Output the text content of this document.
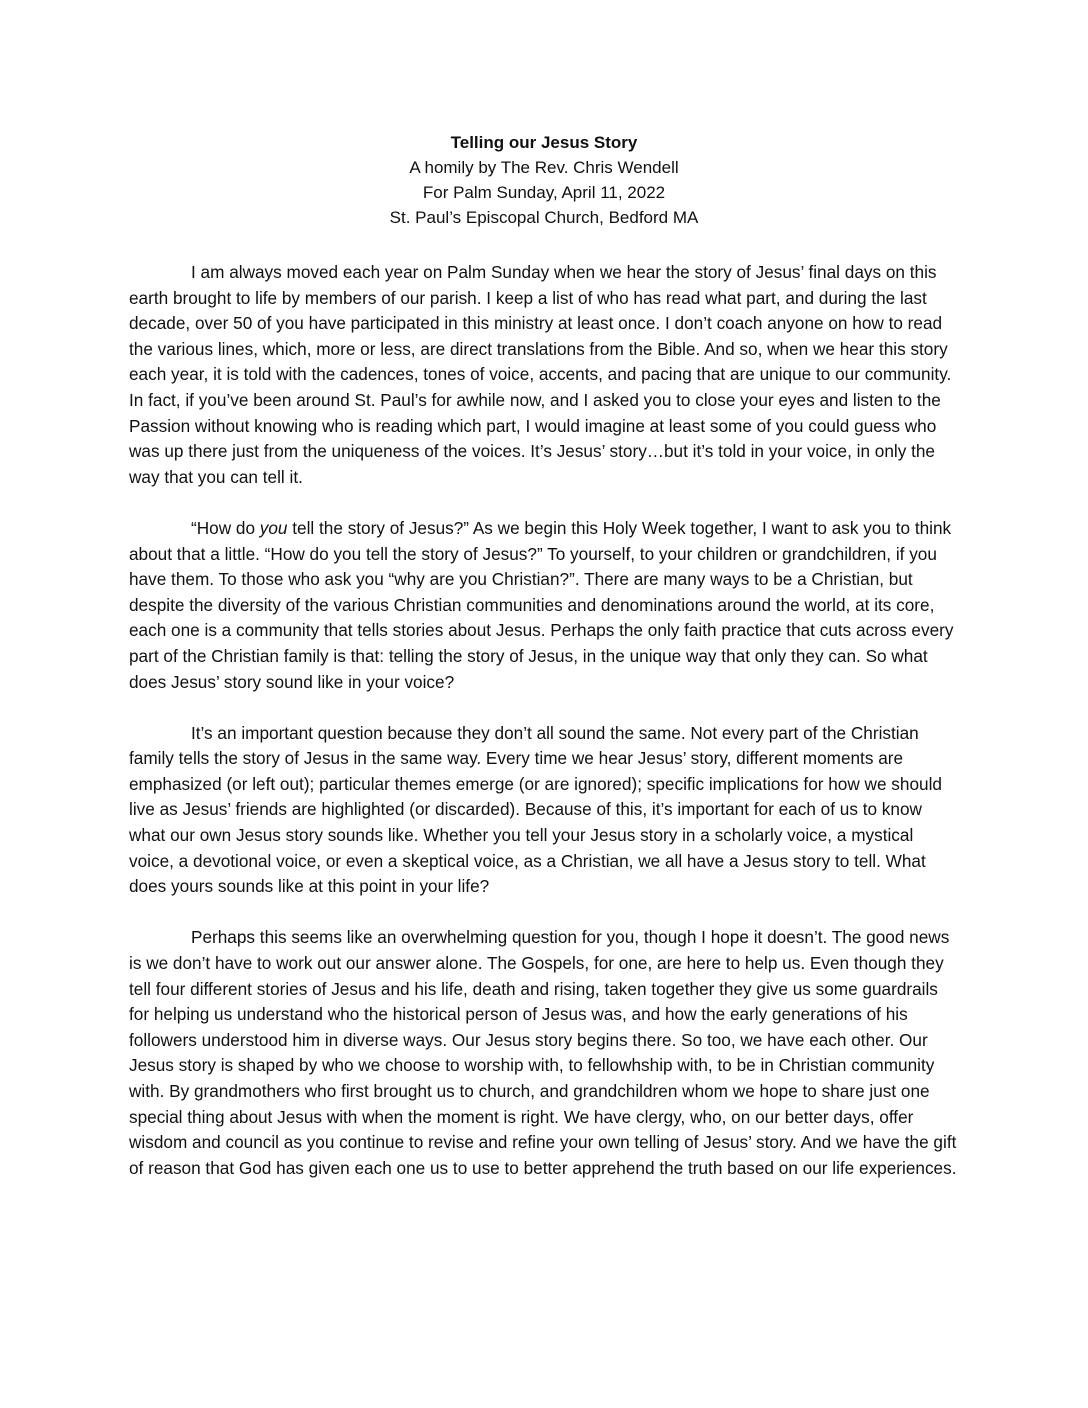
Telling our Jesus Story
A homily by The Rev. Chris Wendell
For Palm Sunday, April 11, 2022
St. Paul’s Episcopal Church, Bedford MA

I am always moved each year on Palm Sunday when we hear the story of Jesus’ final days on this earth brought to life by members of our parish. I keep a list of who has read what part, and during the last decade, over 50 of you have participated in this ministry at least once. I don’t coach anyone on how to read the various lines, which, more or less, are direct translations from the Bible. And so, when we hear this story each year, it is told with the cadences, tones of voice, accents, and pacing that are unique to our community. In fact, if you’ve been around St. Paul’s for awhile now, and I asked you to close your eyes and listen to the Passion without knowing who is reading which part, I would imagine at least some of you could guess who was up there just from the uniqueness of the voices. It’s Jesus’ story…but it’s told in your voice, in only the way that you can tell it.

“How do you tell the story of Jesus?” As we begin this Holy Week together, I want to ask you to think about that a little. “How do you tell the story of Jesus?” To yourself, to your children or grandchildren, if you have them. To those who ask you “why are you Christian?”. There are many ways to be a Christian, but despite the diversity of the various Christian communities and denominations around the world, at its core, each one is a community that tells stories about Jesus. Perhaps the only faith practice that cuts across every part of the Christian family is that: telling the story of Jesus, in the unique way that only they can. So what does Jesus’ story sound like in your voice?

It’s an important question because they don’t all sound the same. Not every part of the Christian family tells the story of Jesus in the same way. Every time we hear Jesus’ story, different moments are emphasized (or left out); particular themes emerge (or are ignored); specific implications for how we should live as Jesus’ friends are highlighted (or discarded). Because of this, it’s important for each of us to know what our own Jesus story sounds like. Whether you tell your Jesus story in a scholarly voice, a mystical voice, a devotional voice, or even a skeptical voice, as a Christian, we all have a Jesus story to tell. What does yours sounds like at this point in your life?

Perhaps this seems like an overwhelming question for you, though I hope it doesn’t. The good news is we don’t have to work out our answer alone. The Gospels, for one, are here to help us. Even though they tell four different stories of Jesus and his life, death and rising, taken together they give us some guardrails for helping us understand who the historical person of Jesus was, and how the early generations of his followers understood him in diverse ways. Our Jesus story begins there. So too, we have each other. Our Jesus story is shaped by who we choose to worship with, to fellowhship with, to be in Christian community with. By grandmothers who first brought us to church, and grandchildren whom we hope to share just one special thing about Jesus with when the moment is right. We have clergy, who, on our better days, offer wisdom and council as you continue to revise and refine your own telling of Jesus’ story. And we have the gift of reason that God has given each one us to use to better apprehend the truth based on our life experiences.
